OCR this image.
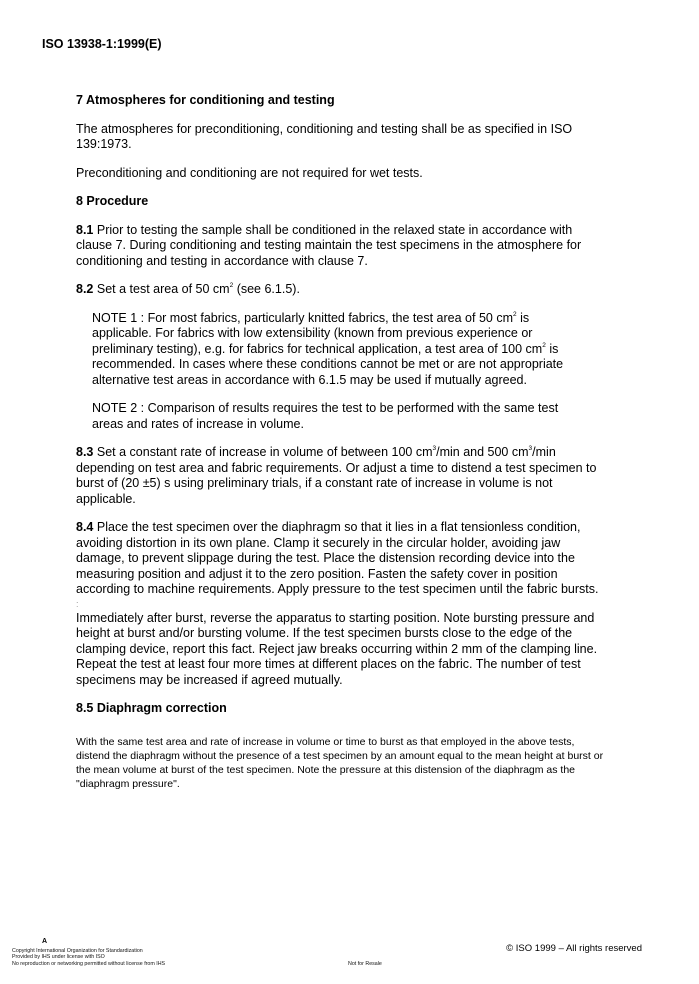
ISO 13938-1:1999(E)
7 Atmospheres for conditioning and testing

The atmospheres for preconditioning, conditioning and testing shall be as specified in ISO 139:1973.

Preconditioning and conditioning are not required for wet tests.

8 Procedure

8.1 Prior to testing the sample shall be conditioned in the relaxed state in accordance with clause 7. During conditioning and testing maintain the test specimens in the atmosphere for conditioning and testing in accordance with clause 7.

8.2 Set a test area of 50 $cm^2$ (see 6.1.5).

NOTE 1 : For most fabrics, particularly knitted fabrics, the test area of 50 $cm^2$ is applicable. For fabrics with low extensibility (known from previous experience or preliminary testing), e.g. for fabrics for technical application, a test area of 100 $cm^2$ is recommended. In cases where these conditions cannot be met or are not appropriate alternative test areas in accordance with 6.1.5 may be used if mutually agreed.

NOTE 2 : Comparison of results requires the test to be performed with the same test areas and rates of increase in volume.

8.3 Set a constant rate of increase in volume of between 100 $cm^3/\min$ and 500 $cm^3/\min$ depending on test area and fabric requirements. Or adjust a time to distend a test specimen to burst of (20 ±5) s using preliminary trials, if a constant rate of increase in volume is not applicable.

8.4 Place the test specimen over the diaphragm so that it lies in a flat tensionless condition, avoiding distortion in its own plane. Clamp it securely in the circular holder, avoiding jaw damage, to prevent slippage during the test. Place the distension recording device into the measuring position and adjust it to the zero position. Fasten the safety cover in position according to machine requirements. Apply pressure to the test specimen until the fabric bursts.

:

Immediately after burst, reverse the apparatus to starting position. Note bursting pressure and height at burst and/or bursting volume. If the test specimen bursts close to the edge of the clamping device, report this fact. Reject jaw breaks occurring within 2 mm of the clamping line. Repeat the test at least four more times at different places on the fabric. The number of test specimens may be increased if agreed mutually.

8.5 Diaphragm correction

With the same test area and rate of increase in volume or time to burst as that employed in the above tests, distend the diaphragm without the presence of a test specimen by an amount equal to the mean height at burst or the mean volume at burst of the test specimen. Note the pressure at this distension of the diaphragm as the "diaphragm pressure".

A
© ISO 1999 – All rights reserved
Copyright International Organization for Standardization
Provided by IHS under license with ISO
No reproduction or networking permitted without license from IHS	Not for Resale
